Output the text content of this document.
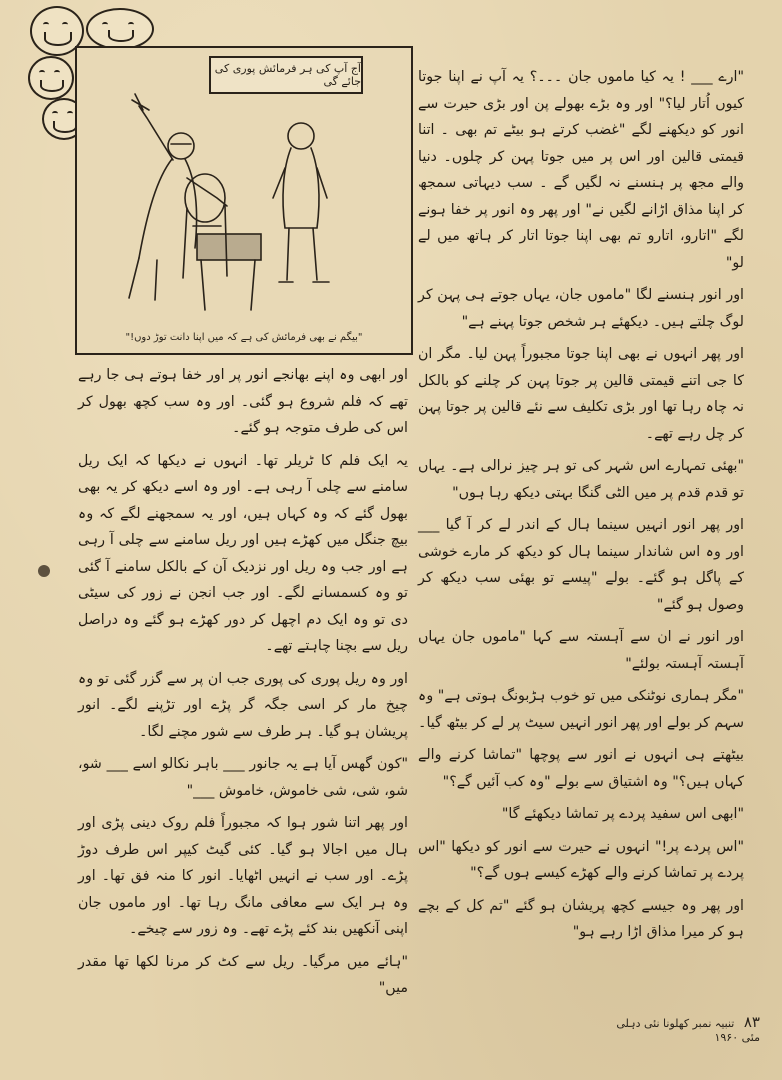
آج آپ کی ہر فرمائش پوری کی جائے گی
"بیگم نے بھی فرمائش کی ہے کہ میں اپنا دانت توڑ دوں!"

"ارے ___ ! یہ کیا ماموں جان ۔۔۔؟ یہ آپ نے اپنا جوتا کیوں اُتار لیا؟" اور وہ بڑے بھولے پن اور بڑی حیرت سے انور کو دیکھنے لگے "غضب کرتے ہو بیٹے تم بھی ۔ اتنا قیمتی قالین اور اس پر میں جوتا پہن کر چلوں۔ دنیا والے مجھ پر ہنسنے نہ لگیں گے ۔ سب دیہاتی سمجھ کر اپنا مذاق اڑانے لگیں نے" اور پھر وہ انور پر خفا ہونے لگے "اتارو، اتارو تم بھی اپنا جوتا اتار کر ہاتھ میں لے لو"

اور انور ہنسنے لگا "ماموں جان، یہاں جوتے ہی پہن کر لوگ چلتے ہیں۔ دیکھئے ہر شخص جوتا پہنے ہے"

اور پھر انہوں نے بھی اپنا جوتا مجبوراً پہن لیا۔ مگر ان کا جی اتنے قیمتی قالین پر جوتا پہن کر چلنے کو بالکل نہ چاہ رہا تھا اور بڑی تکلیف سے نئے قالین پر جوتا پہن کر چل رہے تھے۔

"بھئی تمہارے اس شہر کی تو ہر چیز نرالی ہے۔ یہاں تو قدم قدم پر میں الٹی گنگا بہتی دیکھ رہا ہوں"

اور پھر انور انہیں سینما ہال کے اندر لے کر آ گیا ___ اور وہ اس شاندار سینما ہال کو دیکھ کر مارے خوشی کے پاگل ہو گئے۔ بولے "پیسے تو بھئی سب دیکھ کر وصول ہو گئے"

اور انور نے ان سے آہستہ سے کہا "ماموں جان یہاں آہستہ آہستہ بولئے"

"مگر ہماری نوٹنکی میں تو خوب ہڑبونگ ہوتی ہے" وہ سہم کر بولے اور پھر انور انہیں سیٹ پر لے کر بیٹھ گیا۔

بیٹھتے ہی انہوں نے انور سے پوچھا "تماشا کرنے والے کہاں ہیں؟" وہ اشتیاق سے بولے "وہ کب آئیں گے؟"

"ابھی اس سفید پردے پر تماشا دیکھئے گا"

"اس پردے پر!" انہوں نے حیرت سے انور کو دیکھا "اس پردے پر تماشا کرنے والے کھڑے کیسے ہوں گے؟"

اور پھر وہ جیسے کچھ پریشان ہو گئے "تم کل کے بچے ہو کر میرا مذاق اڑا رہے ہو"

اور ابھی وہ اپنے بھانجے انور پر اور خفا ہوتے ہی جا رہے تھے کہ فلم شروع ہو گئی۔ اور وہ سب کچھ بھول کر اس کی طرف متوجہ ہو گئے۔

یہ ایک فلم کا ٹریلر تھا۔ انہوں نے دیکھا کہ ایک ریل سامنے سے چلی آ رہی ہے۔ اور وہ اسے دیکھ کر یہ بھی بھول گئے کہ وہ کہاں ہیں، اور یہ سمجھنے لگے کہ وہ بیچ جنگل میں کھڑے ہیں اور ریل سامنے سے چلی آ رہی ہے اور جب وہ ریل اور نزدیک آن کے بالکل سامنے آ گئی تو وہ کسمسانے لگے۔ اور جب انجن نے زور کی سیٹی دی تو وہ ایک دم اچھل کر دور کھڑے ہو گئے وہ دراصل ریل سے بچنا چاہتے تھے۔

اور وہ ریل پوری کی پوری جب ان پر سے گزر گئی تو وہ چیخ مار کر اسی جگہ گر پڑے اور تڑپنے لگے۔ انور پریشان ہو گیا۔ ہر طرف سے شور مچنے لگا۔

"کون گھس آیا ہے یہ جانور ___ باہر نکالو اسے ___ شو، شو، شی، شی خاموش، خاموش ___"

اور پھر اتنا شور ہوا کہ مجبوراً فلم روک دینی پڑی اور ہال میں اجالا ہو گیا۔ کئی گیٹ کیپر اس طرف دوڑ پڑے۔ اور سب نے انہیں اٹھایا۔ انور کا منہ فق تھا۔ اور وہ ہر ایک سے معافی مانگ رہا تھا۔ اور ماموں جان اپنی آنکھیں بند کئے پڑے تھے۔ وہ زور سے چیخے۔

"ہائے میں مرگیا۔ ریل سے کٹ کر مرنا لکھا تھا مقدر میں"

۸۳ تنبیہ نمبر کھلونا نئی دہلی مئی ۱۹۶۰
